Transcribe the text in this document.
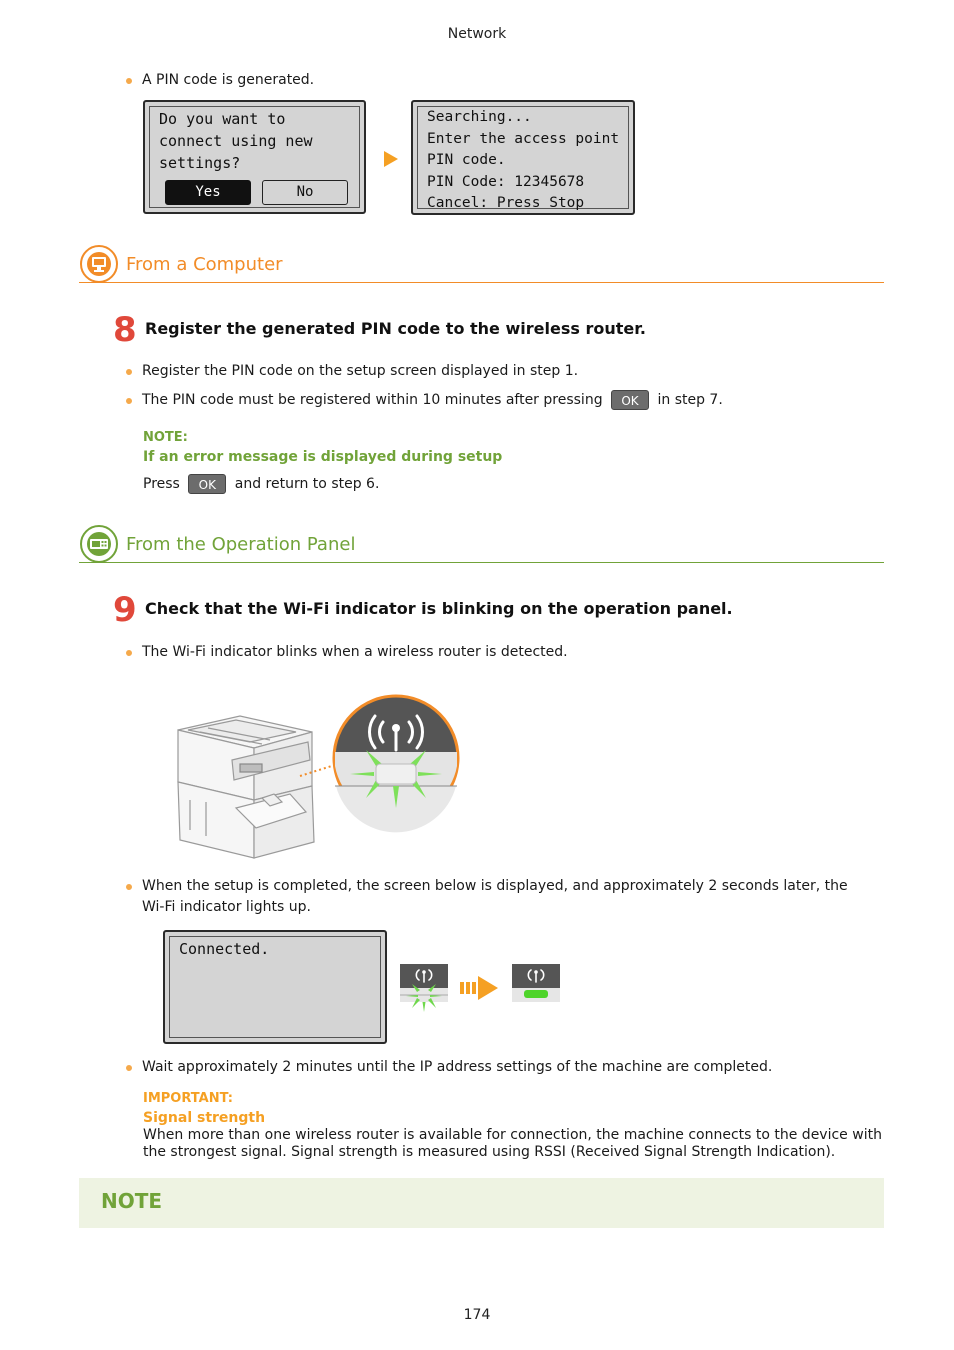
Network
A PIN code is generated.
Do you want to
connect using new
settings?
Yes	No
Searching...
Enter the access point
PIN code.
PIN Code: 12345678
Cancel: Press Stop
From a Computer
8 Register the generated PIN code to the wireless router.
Register the PIN code on the setup screen displayed in step 1.
The PIN code must be registered within 10 minutes after pressing OK in step 7.
NOTE:
If an error message is displayed during setup
Press OK and return to step 6.
From the Operation Panel
9 Check that the Wi-Fi indicator is blinking on the operation panel.
The Wi-Fi indicator blinks when a wireless router is detected.
When the setup is completed, the screen below is displayed, and approximately 2 seconds later, the Wi-Fi indicator lights up.
Connected.
Wait approximately 2 minutes until the IP address settings of the machine are completed.
IMPORTANT:
Signal strength
When more than one wireless router is available for connection, the machine connects to the device with the strongest signal. Signal strength is measured using RSSI (Received Signal Strength Indication).
NOTE
174
